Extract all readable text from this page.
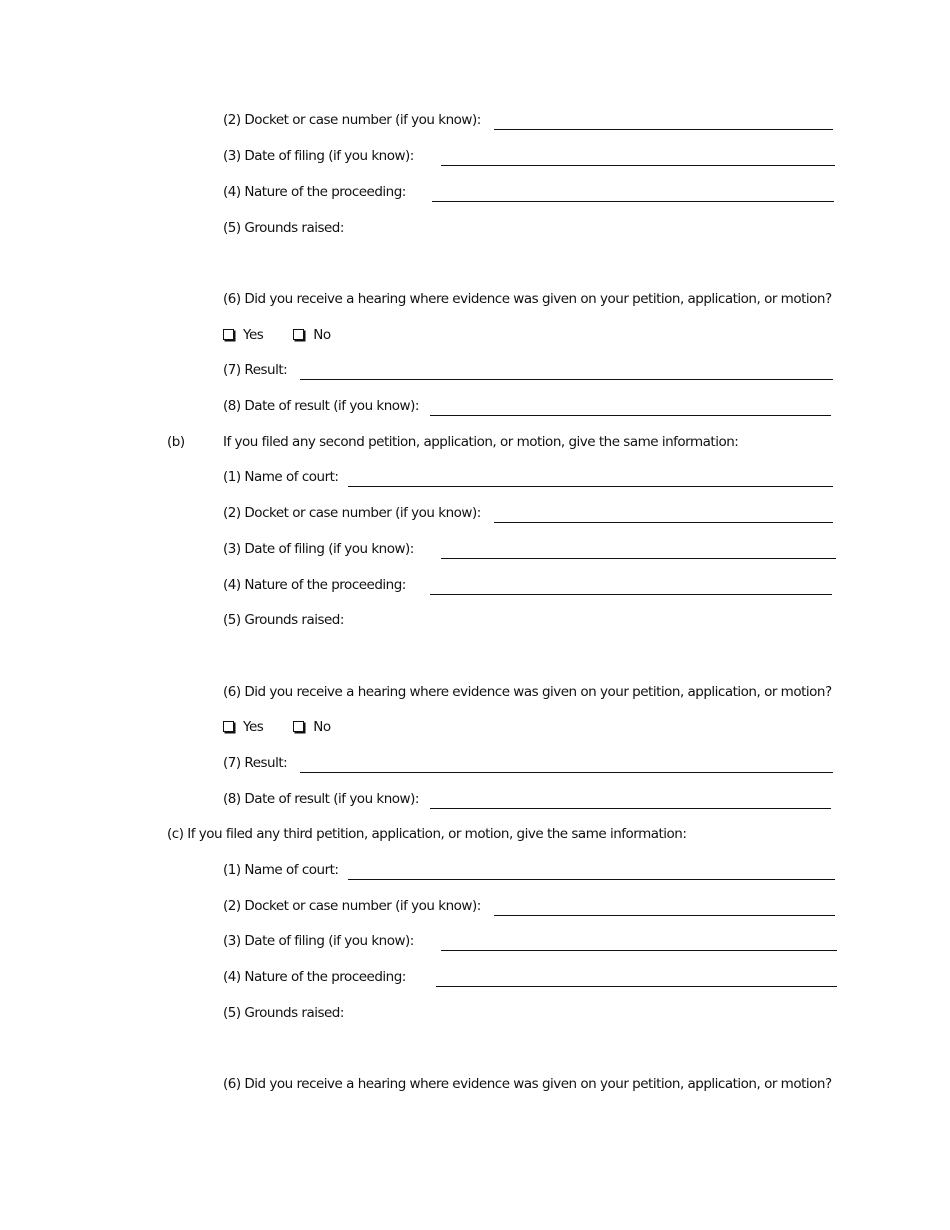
(2) Docket or case number (if you know):
(3) Date of filing (if you know):
(4) Nature of the proceeding:
(5) Grounds raised:
(6) Did you receive a hearing where evidence was given on your petition, application, or motion?
Yes	No
(7) Result:
(8) Date of result (if you know):
(b)	If you filed any second petition, application, or motion, give the same information:
(1) Name of court:
(2) Docket or case number (if you know):
(3) Date of filing (if you know):
(4) Nature of the proceeding:
(5) Grounds raised:
(6) Did you receive a hearing where evidence was given on your petition, application, or motion?
Yes	No
(7) Result:
(8) Date of result (if you know):
(c) If you filed any third petition, application, or motion, give the same information:
(1) Name of court:
(2) Docket or case number (if you know):
(3) Date of filing (if you know):
(4) Nature of the proceeding:
(5) Grounds raised:
(6) Did you receive a hearing where evidence was given on your petition, application, or motion?
